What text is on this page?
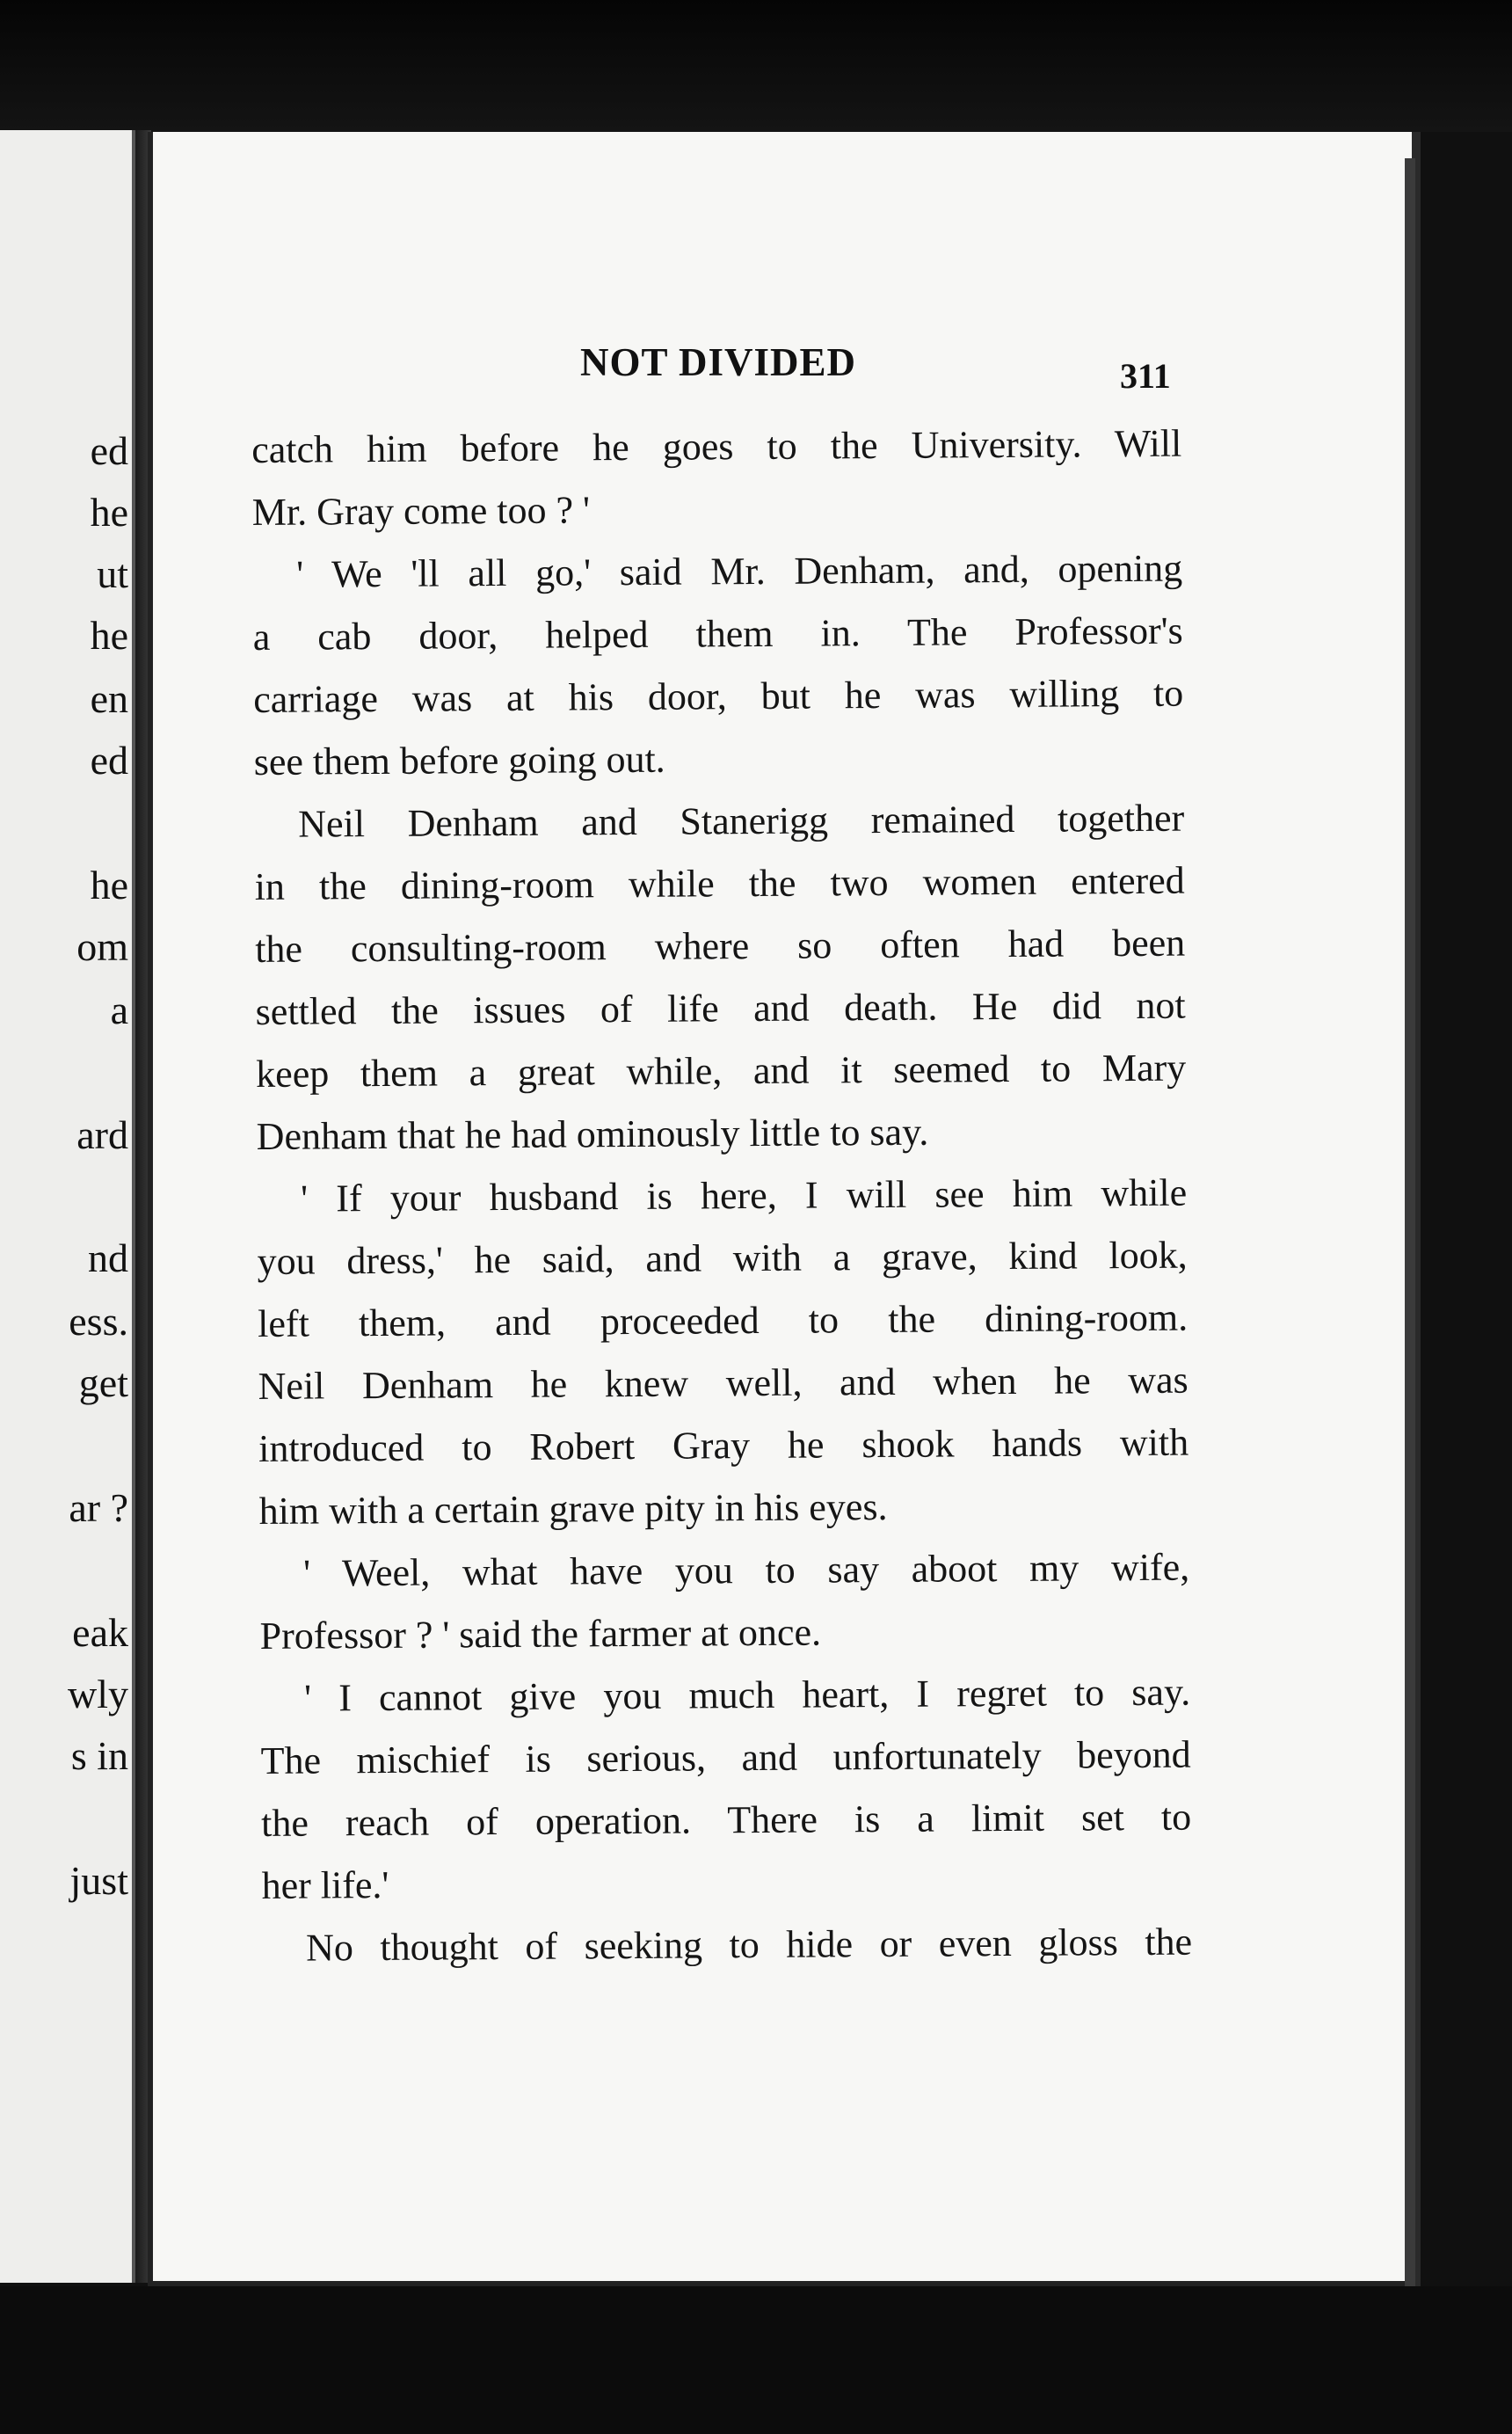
ed
he
ut
he
en
ed
he
om
a
ard
nd
ess.
get
ar ?
eak
wly
s in
just
NOT DIVIDED	311
catch him before he goes to the University. Will
Mr. Gray come too ? '
' We 'll all go,' said Mr. Denham, and, opening
a cab door, helped them in. The Professor's
carriage was at his door, but he was willing to
see them before going out.
Neil Denham and Stanerigg remained together
in the dining-room while the two women entered
the consulting-room where so often had been
settled the issues of life and death. He did not
keep them a great while, and it seemed to Mary
Denham that he had ominously little to say.
' If your husband is here, I will see him while
you dress,' he said, and with a grave, kind look,
left them, and proceeded to the dining-room.
Neil Denham he knew well, and when he was
introduced to Robert Gray he shook hands with
him with a certain grave pity in his eyes.
' Weel, what have you to say aboot my wife,
Professor ? ' said the farmer at once.
' I cannot give you much heart, I regret to say.
The mischief is serious, and unfortunately beyond
the reach of operation. There is a limit set to
her life.'
No thought of seeking to hide or even gloss the
